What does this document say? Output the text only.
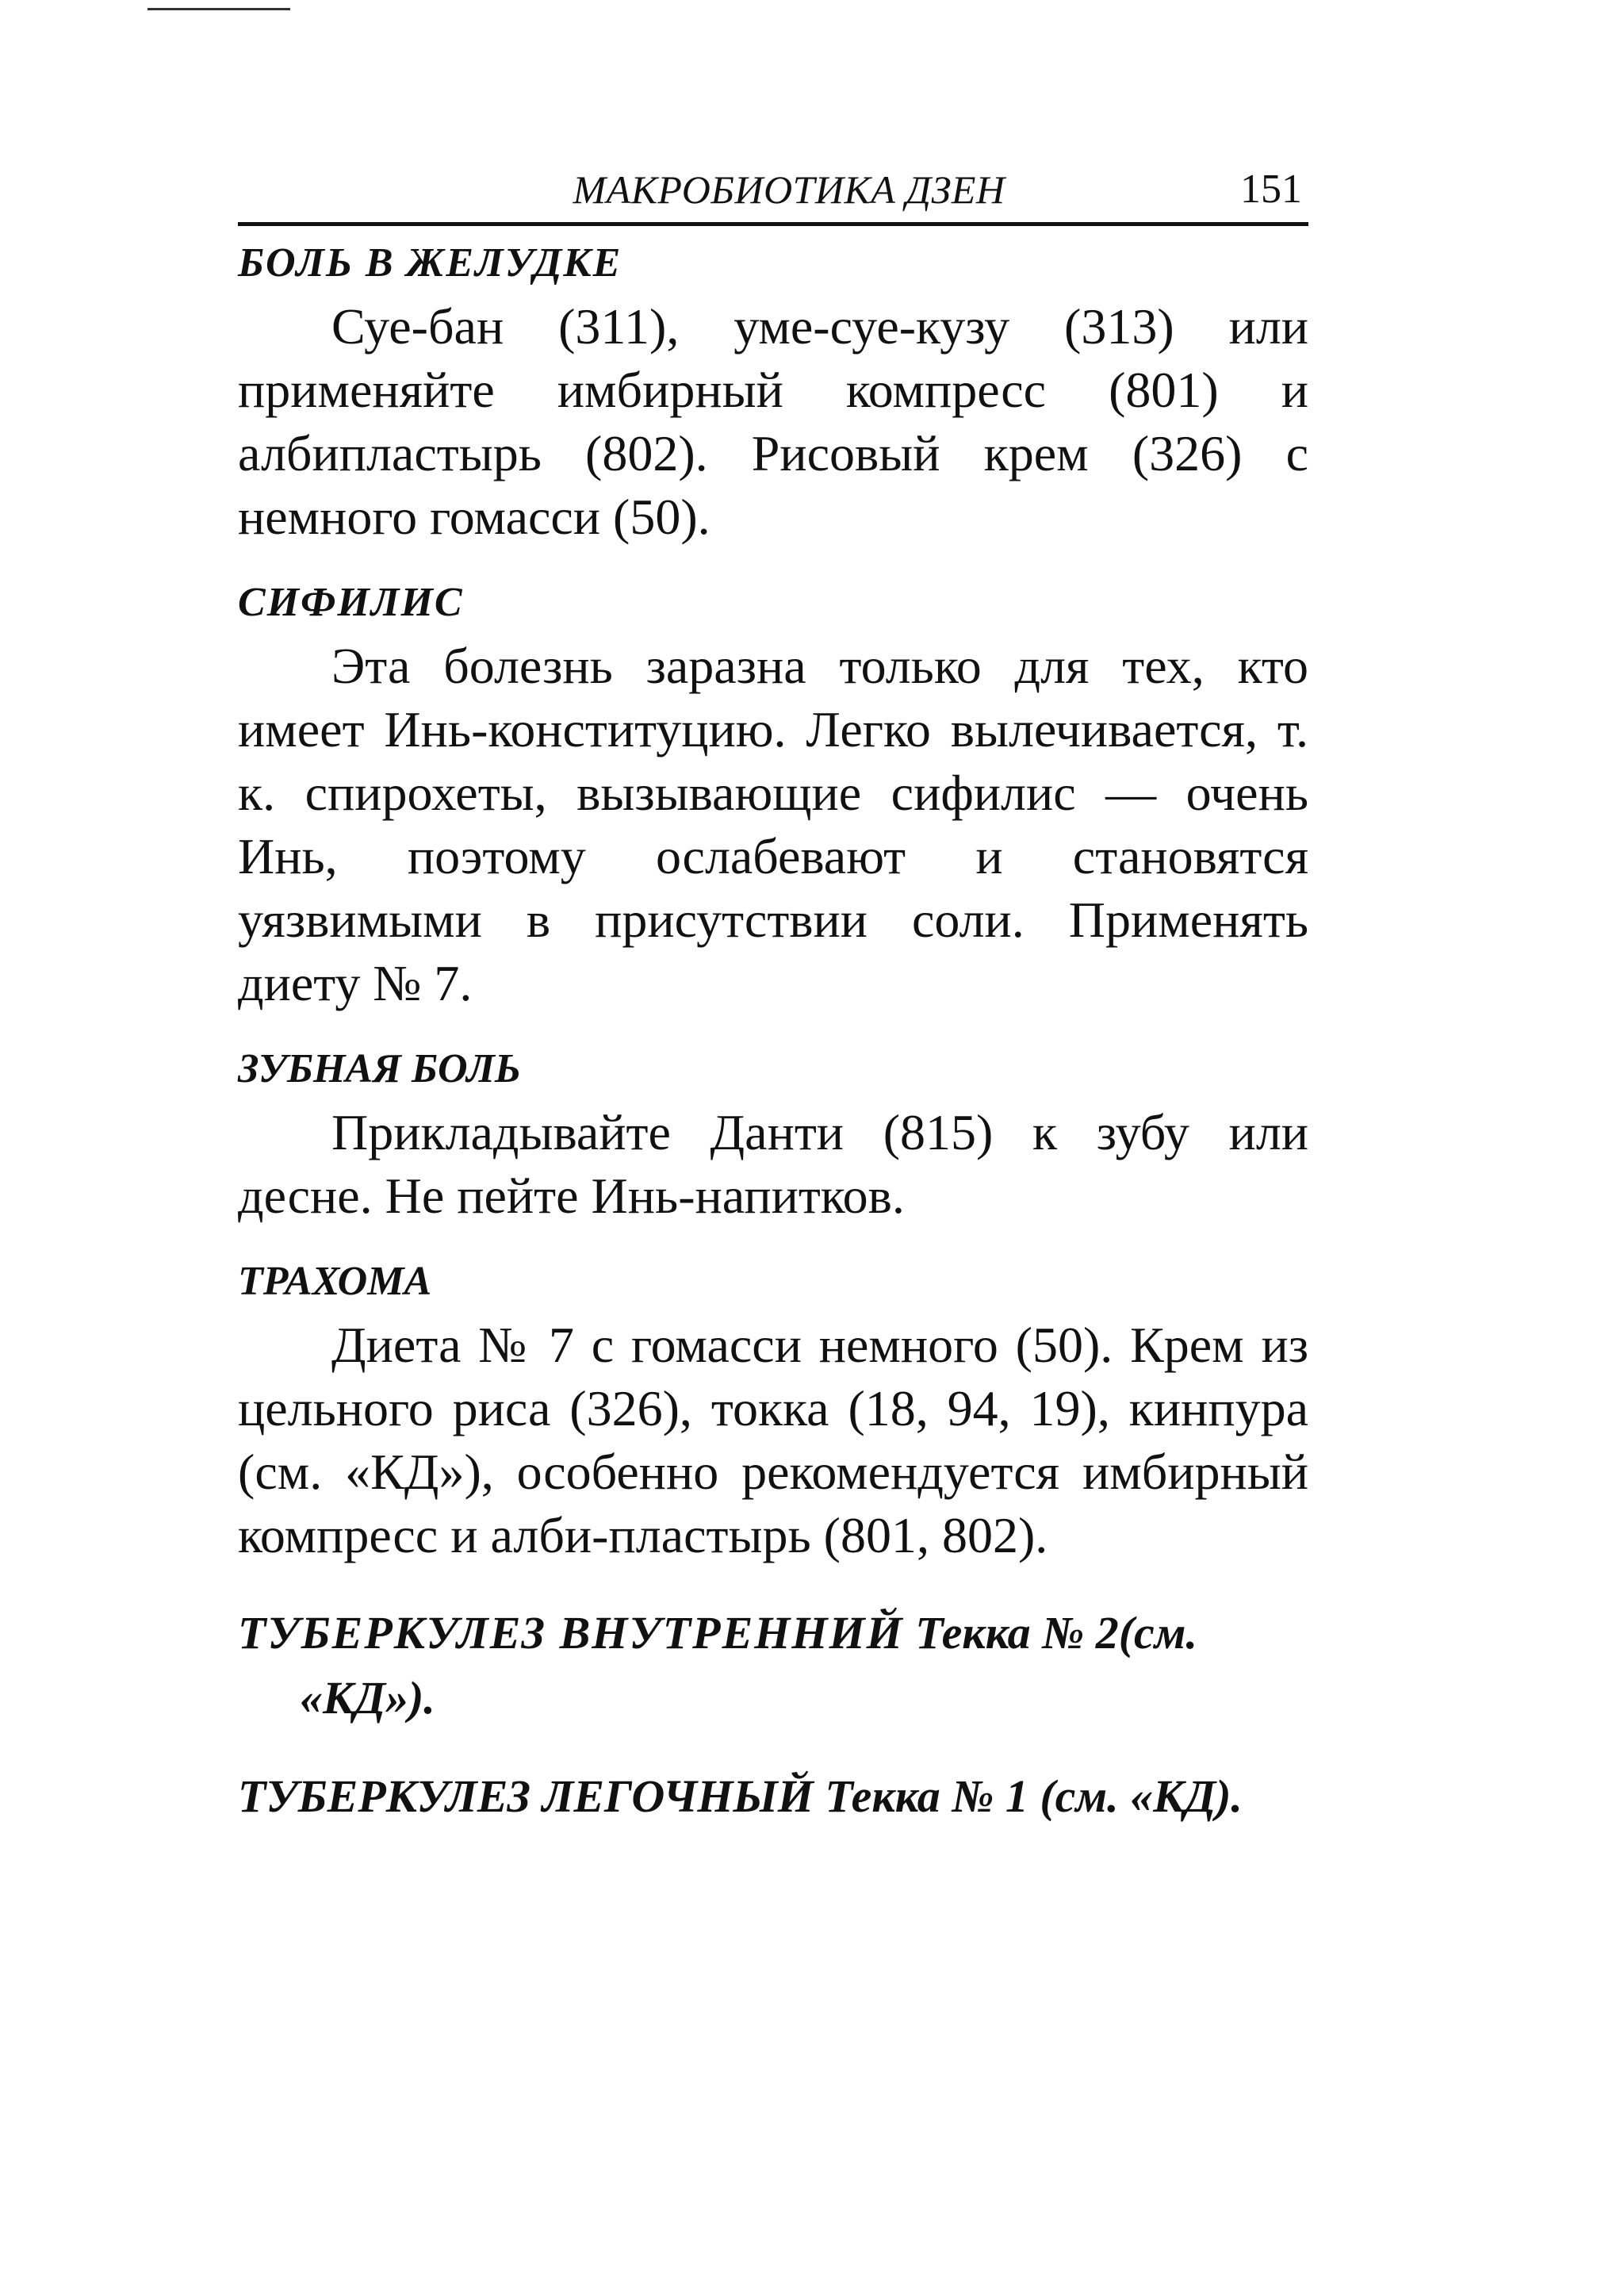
МАКРОБИОТИКА ДЗЕН	151

БОЛЬ В ЖЕЛУДКЕ

Суе-бан (311), уме-суе-кузу (313) или применяйте имбирный компресс (801) и албипластырь (802). Рисовый крем (326) с немного гомасси (50).

СИФИЛИС

Эта болезнь заразна только для тех, кто имеет Инь-конституцию. Легко вылечивается, т. к. спирохеты, вызывающие сифилис — очень Инь, поэтому ослабевают и становятся уязвимыми в присутствии соли. Применять диету № 7.

ЗУБНАЯ БОЛЬ

Прикладывайте Данти (815) к зубу или десне. Не пейте Инь-напитков.

ТРАХОМА

Диета № 7 с гомасси немного (50). Крем из цельного риса (326), токка (18, 94, 19), кинпура (см. «КД»), особенно рекомендуется имбирный компресс и алби-пластырь (801, 802).

ТУБЕРКУЛЕЗ ВНУТРЕННИЙ Текка № 2(см. «КД»).

ТУБЕРКУЛЕЗ ЛЕГОЧНЫЙ Текка № 1 (см. «КД).
